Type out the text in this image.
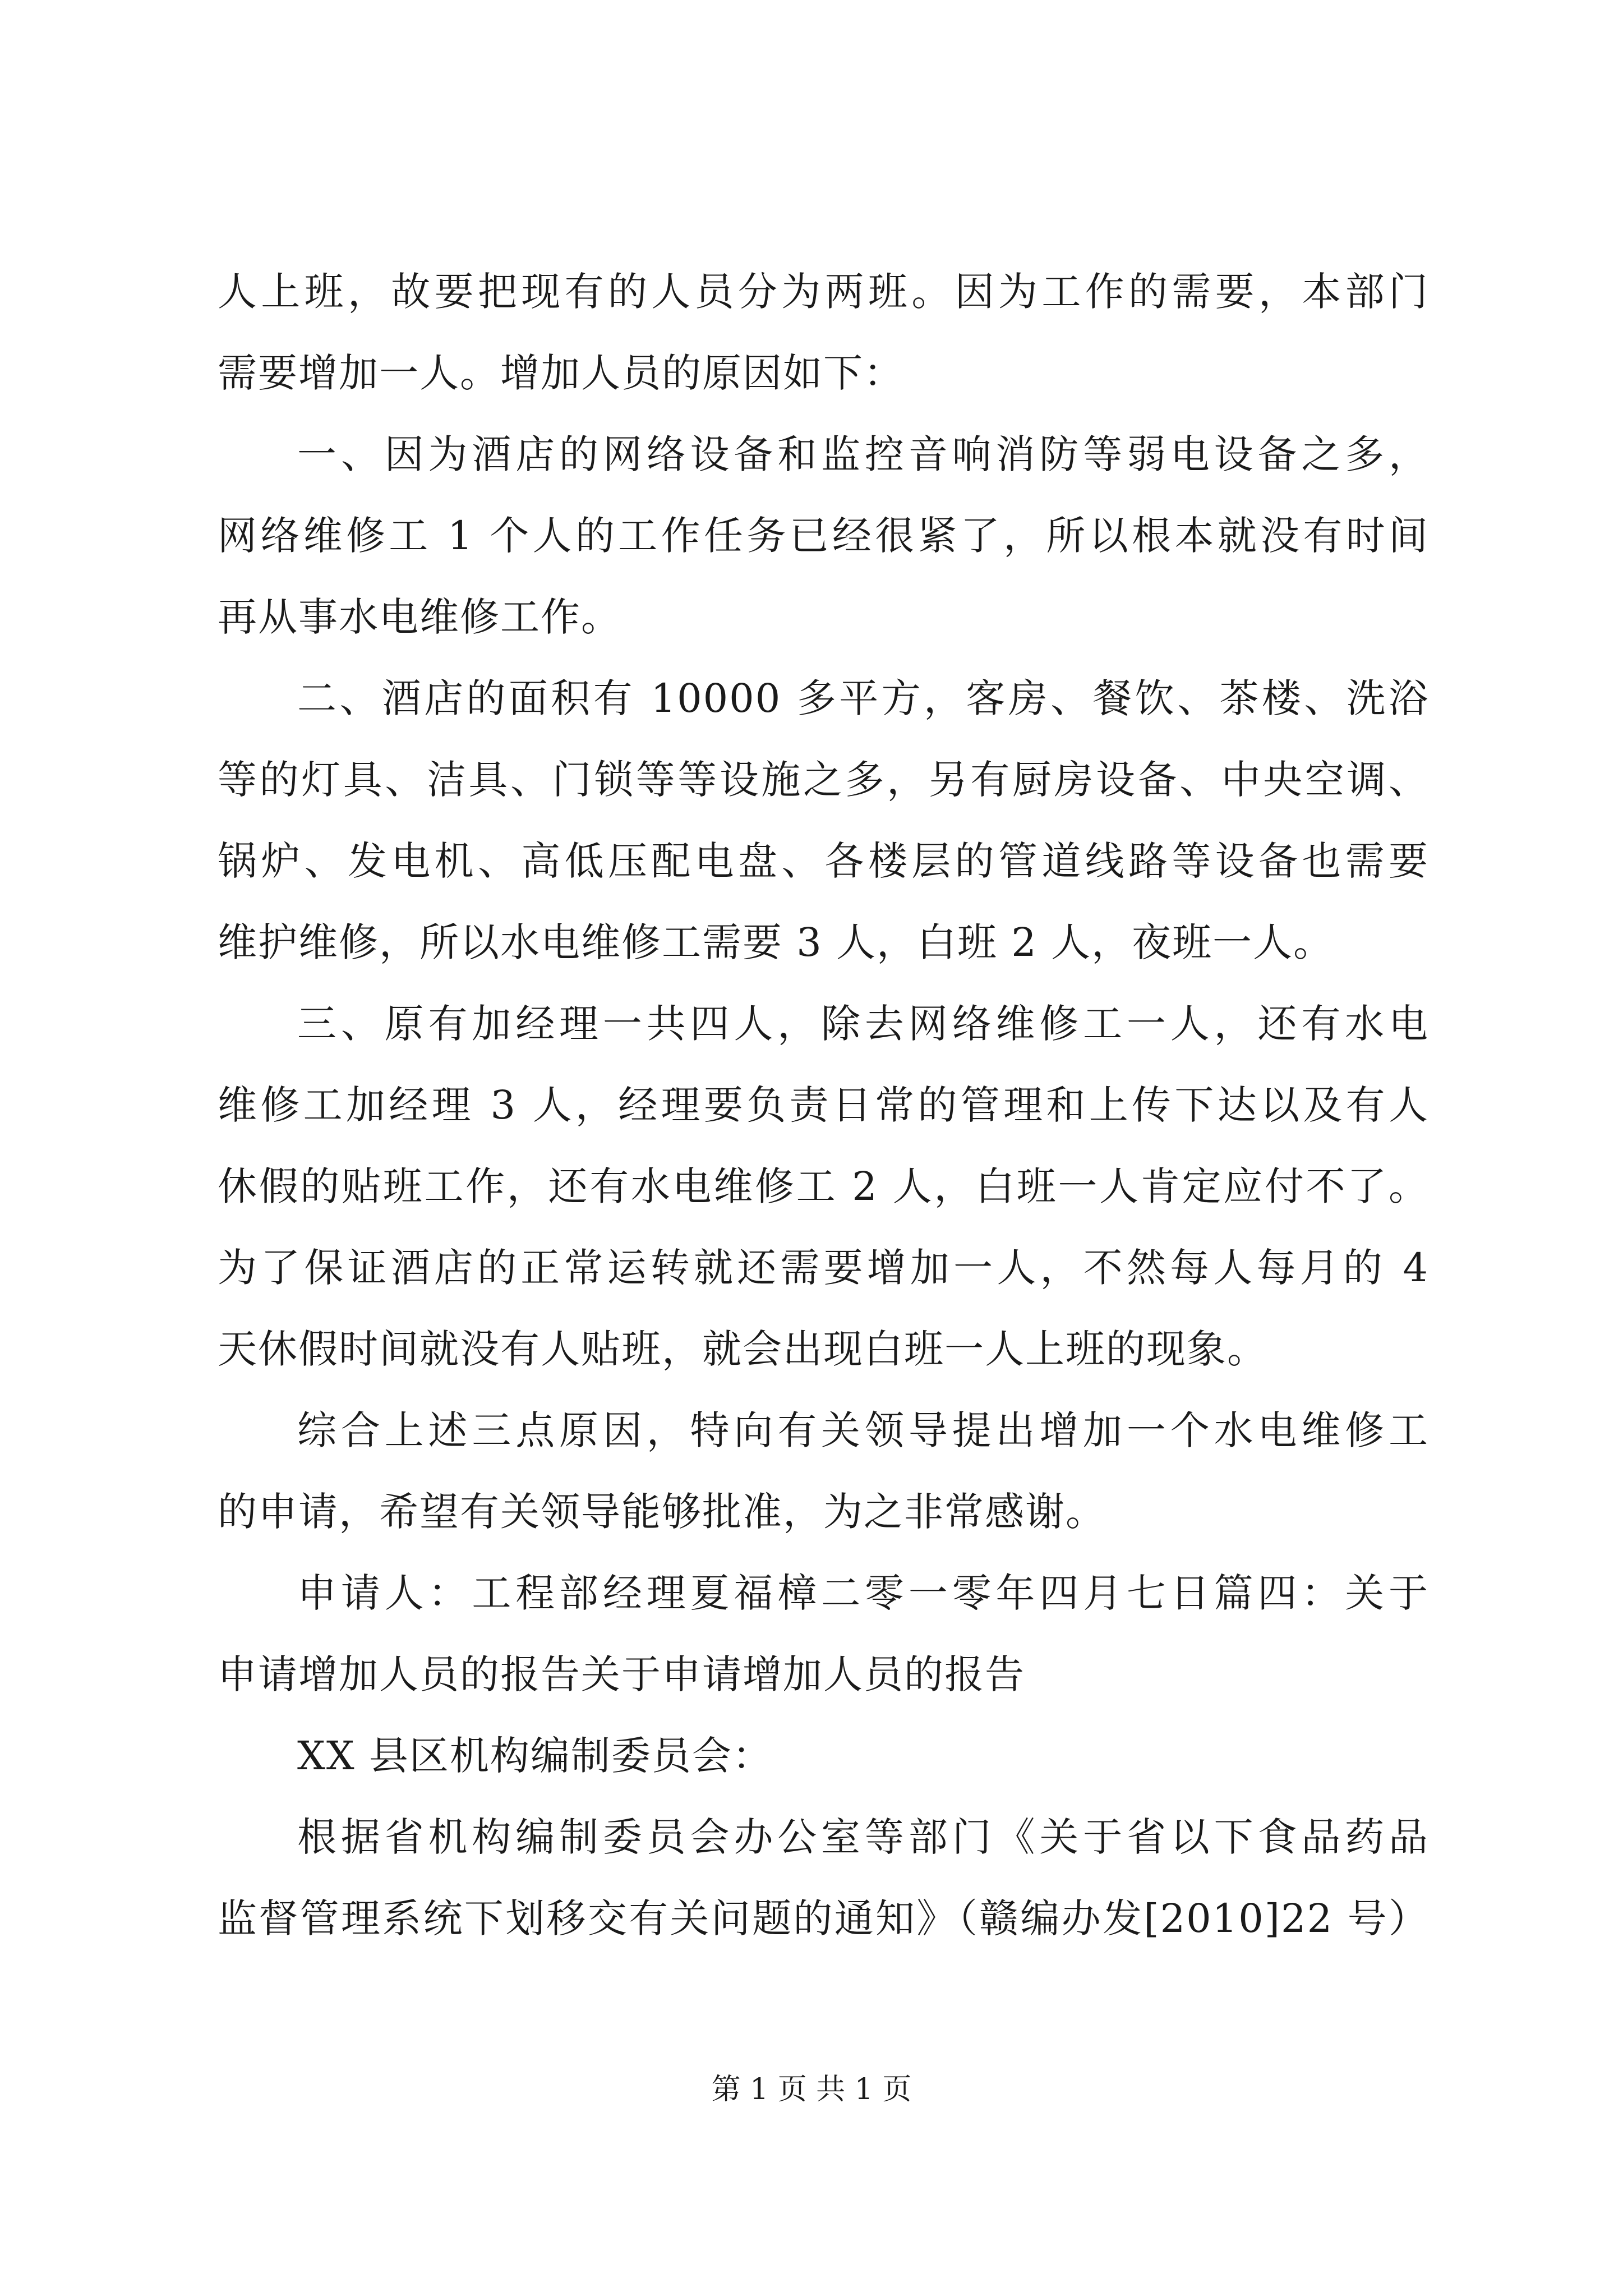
人上班，故要把现有的人员分为两班。因为工作的需要，本部门
需要增加一人。增加人员的原因如下：
一、因为酒店的网络设备和监控音响消防等弱电设备之多，
网络维修工 1 个人的工作任务已经很紧了，所以根本就没有时间
再从事水电维修工作。
二、酒店的面积有 10000 多平方，客房、餐饮、茶楼、洗浴
等的灯具、洁具、门锁等等设施之多，另有厨房设备、中央空调、
锅炉、发电机、高低压配电盘、各楼层的管道线路等设备也需要
维护维修，所以水电维修工需要 3 人，白班 2 人，夜班一人。
三、原有加经理一共四人，除去网络维修工一人，还有水电
维修工加经理 3 人，经理要负责日常的管理和上传下达以及有人
休假的贴班工作，还有水电维修工 2 人，白班一人肯定应付不了。
为了保证酒店的正常运转就还需要增加一人，不然每人每月的 4
天休假时间就没有人贴班，就会出现白班一人上班的现象。
综合上述三点原因，特向有关领导提出增加一个水电维修工
的申请，希望有关领导能够批准，为之非常感谢。
申请人：工程部经理夏福樟二零一零年四月七日篇四：关于
申请增加人员的报告关于申请增加人员的报告
XX 县区机构编制委员会：
根据省机构编制委员会办公室等部门《关于省以下食品药品
监督管理系统下划移交有关问题的通知》（赣编办发[2010]22 号）
第 1 页 共 1 页
